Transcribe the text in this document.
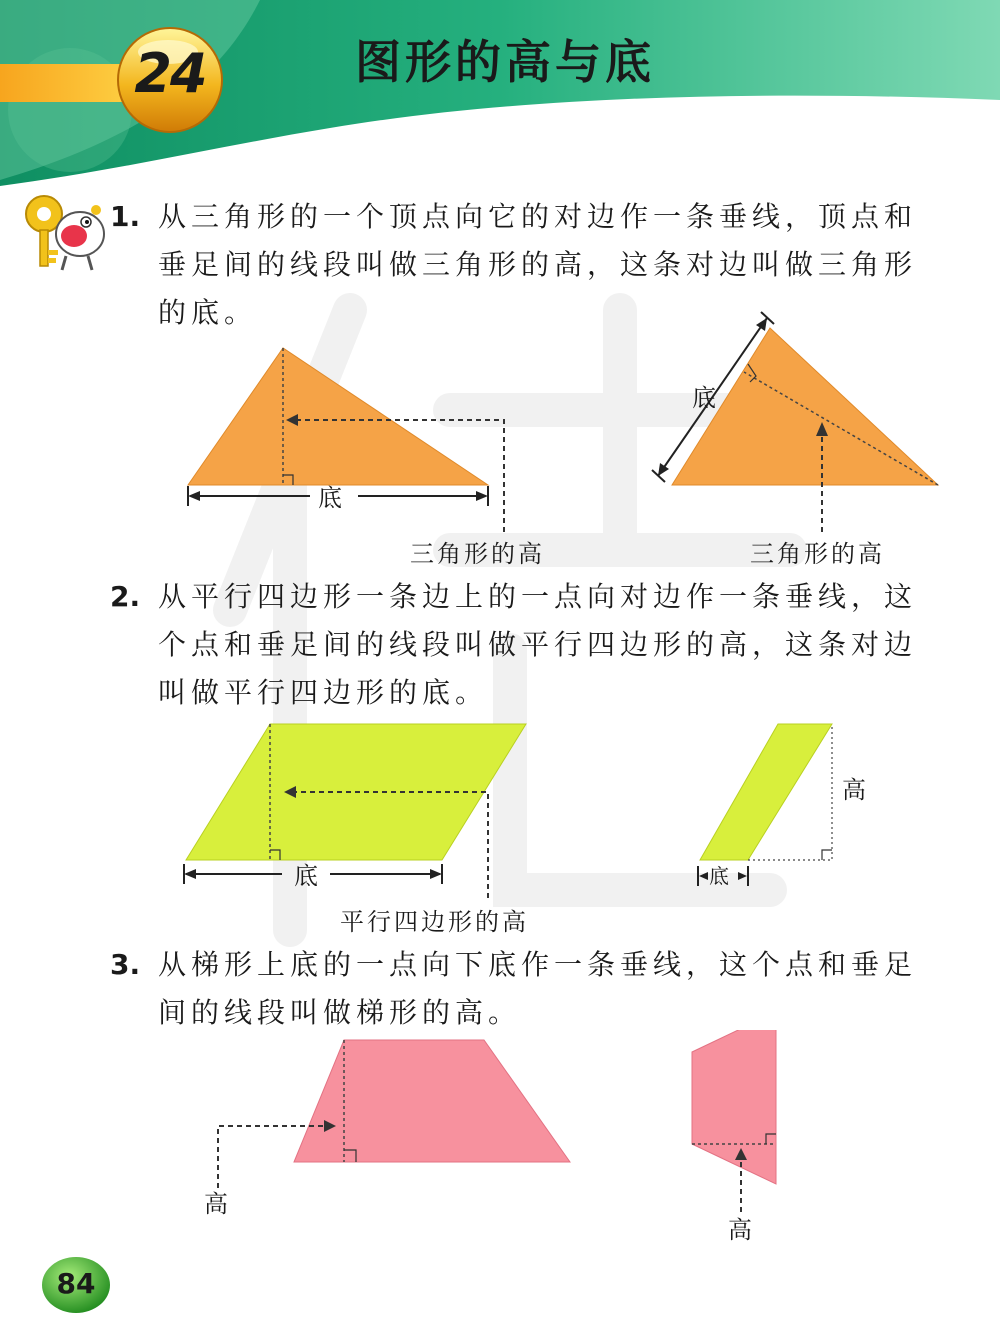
24	图形的高与底
1. 从三角形的一个顶点向它的对边作一条垂线，顶点和垂足间的线段叫做三角形的高，这条对边叫做三角形的底。
底
三角形的高
底
三角形的高
2. 从平行四边形一条边上的一点向对边作一条垂线，这个点和垂足间的线段叫做平行四边形的高，这条对边叫做平行四边形的底。
底
平行四边形的高
底
高
3. 从梯形上底的一点向下底作一条垂线，这个点和垂足间的线段叫做梯形的高。
高
高
84
